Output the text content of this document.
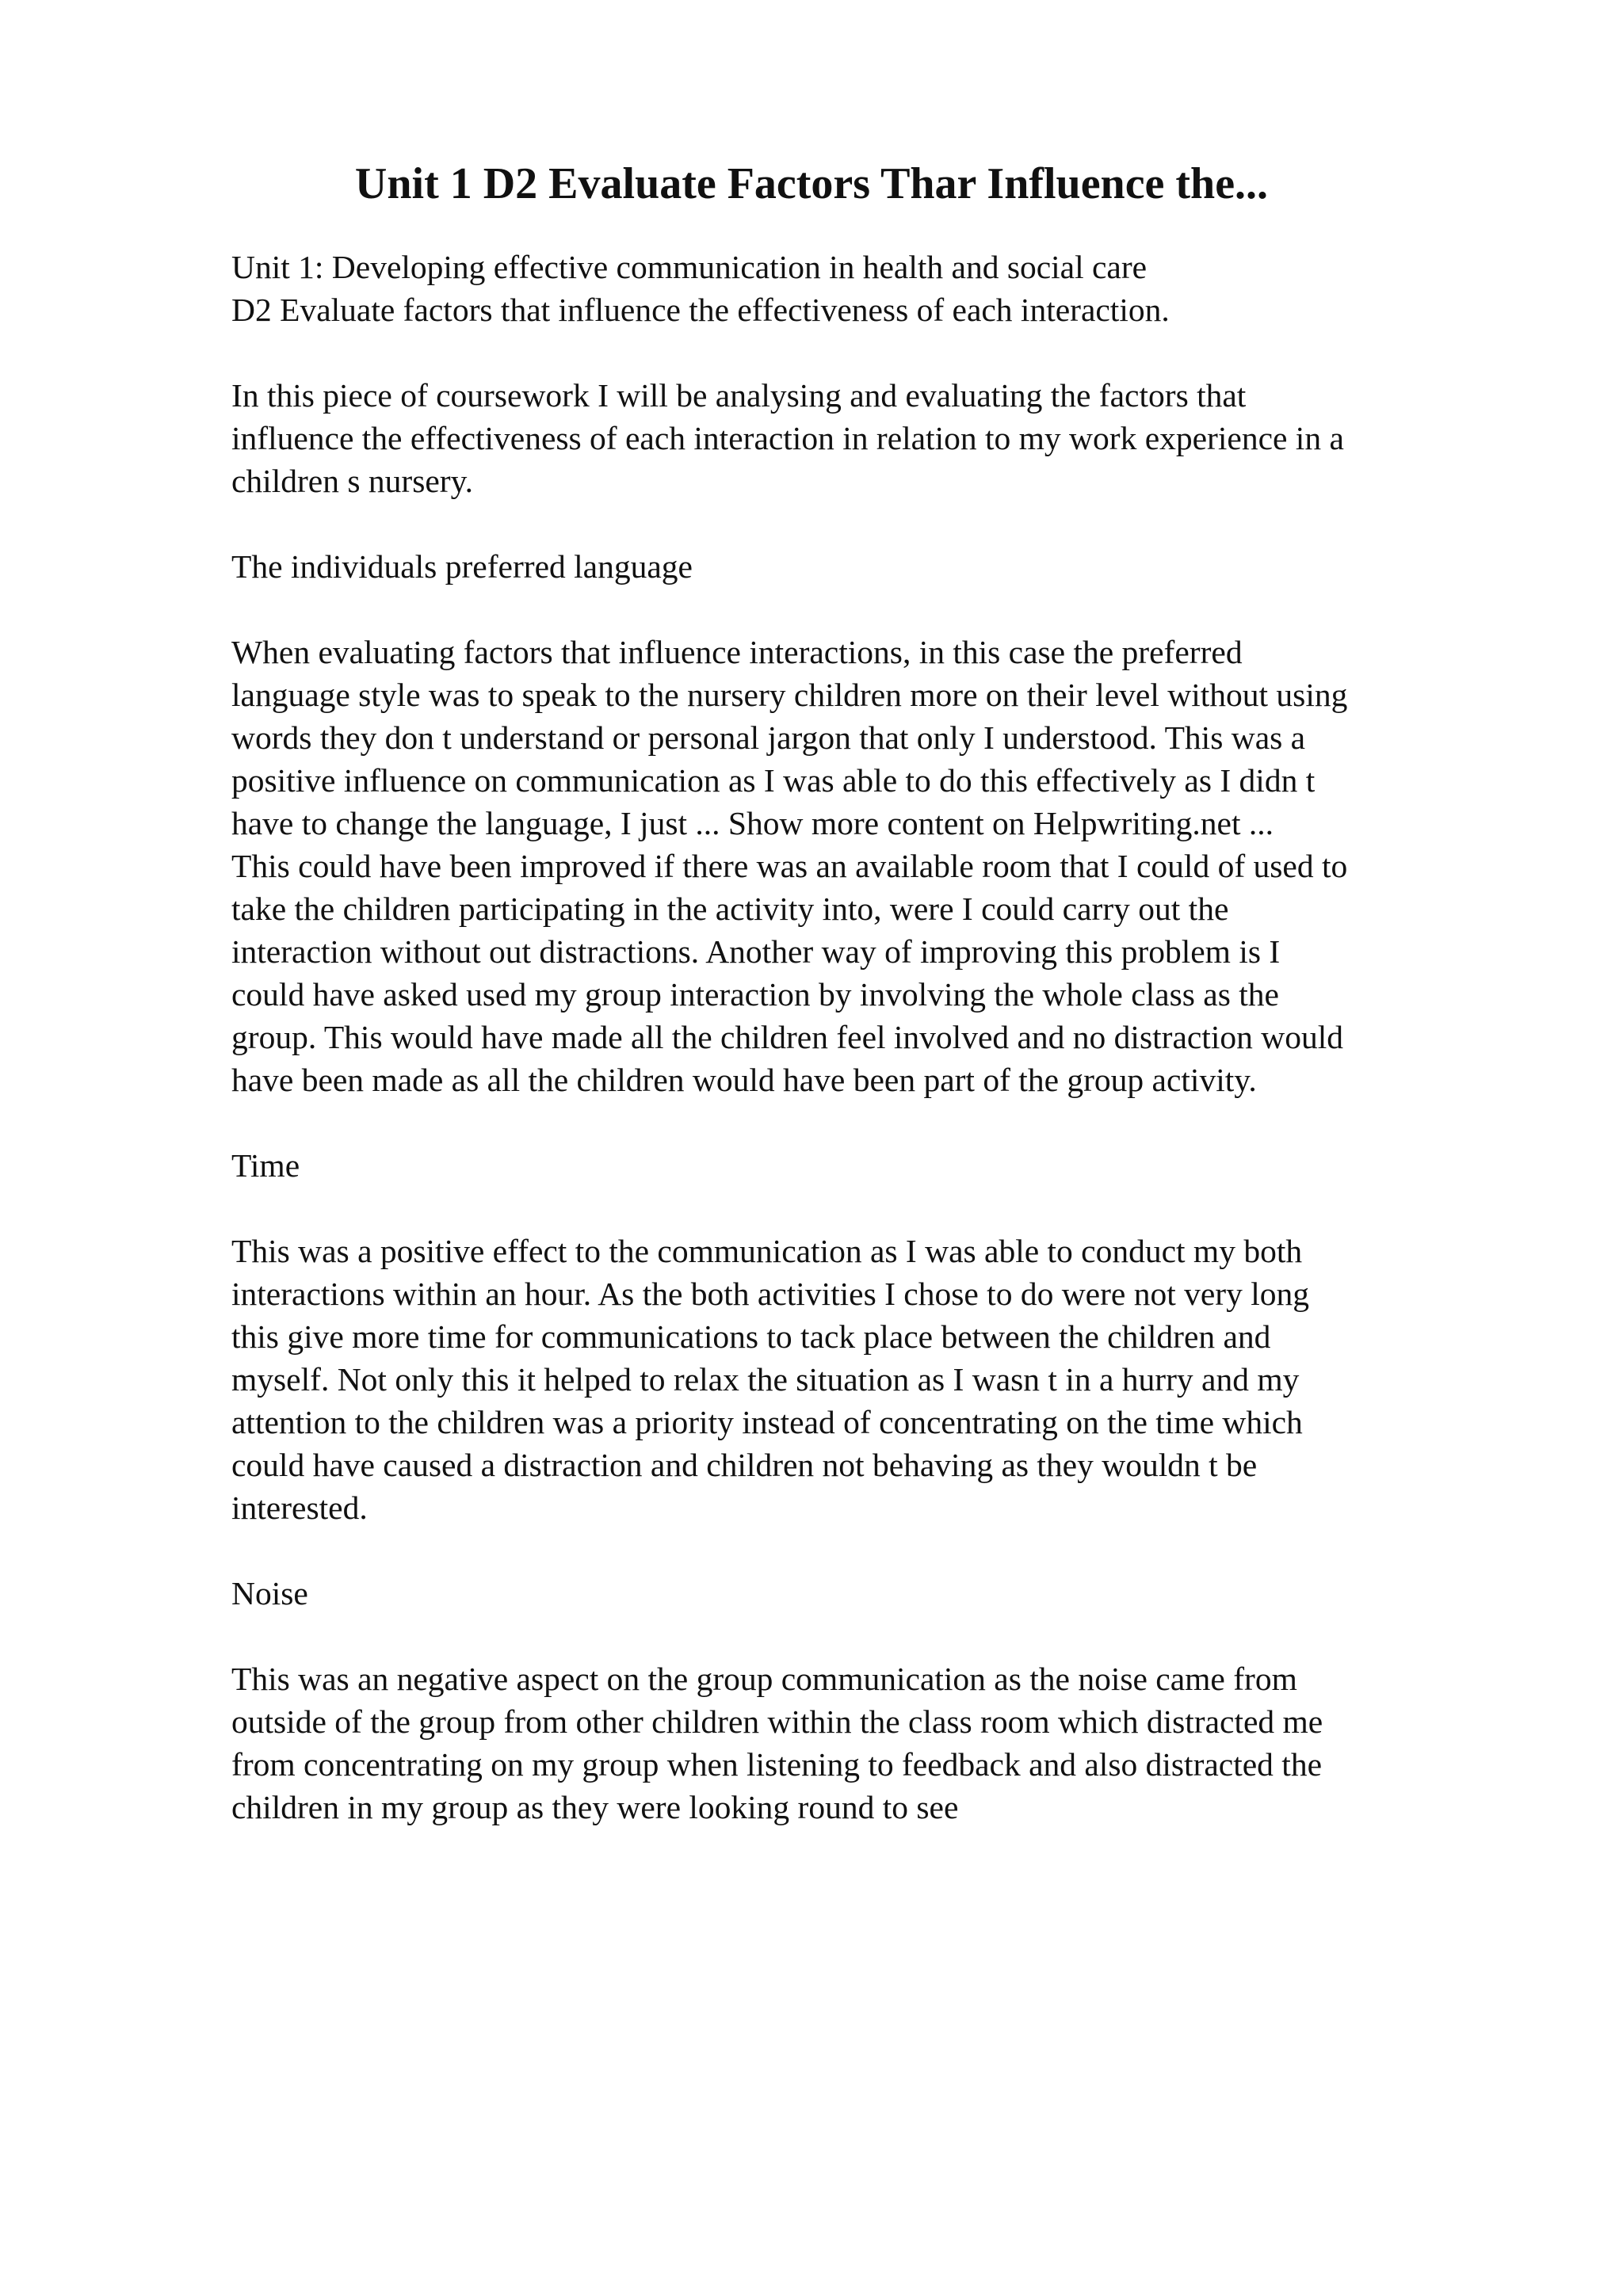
Unit 1 D2 Evaluate Factors Thar Influence the...

Unit 1: Developing effective communication in health and social care
D2 Evaluate factors that influence the effectiveness of each interaction.

In this piece of coursework I will be analysing and evaluating the factors that
influence the effectiveness of each interaction in relation to my work experience in a
children s nursery.

The individuals preferred language

When evaluating factors that influence interactions, in this case the preferred
language style was to speak to the nursery children more on their level without using
words they don t understand or personal jargon that only I understood. This was a
positive influence on communication as I was able to do this effectively as I didn t
have to change the language, I just ... Show more content on Helpwriting.net ...
This could have been improved if there was an available room that I could of used to
take the children participating in the activity into, were I could carry out the
interaction without out distractions. Another way of improving this problem is I
could have asked used my group interaction by involving the whole class as the
group. This would have made all the children feel involved and no distraction would
have been made as all the children would have been part of the group activity.

Time

This was a positive effect to the communication as I was able to conduct my both
interactions within an hour. As the both activities I chose to do were not very long
this give more time for communications to tack place between the children and
myself. Not only this it helped to relax the situation as I wasn t in a hurry and my
attention to the children was a priority instead of concentrating on the time which
could have caused a distraction and children not behaving as they wouldn t be
interested.

Noise

This was an negative aspect on the group communication as the noise came from
outside of the group from other children within the class room which distracted me
from concentrating on my group when listening to feedback and also distracted the
children in my group as they were looking round to see
